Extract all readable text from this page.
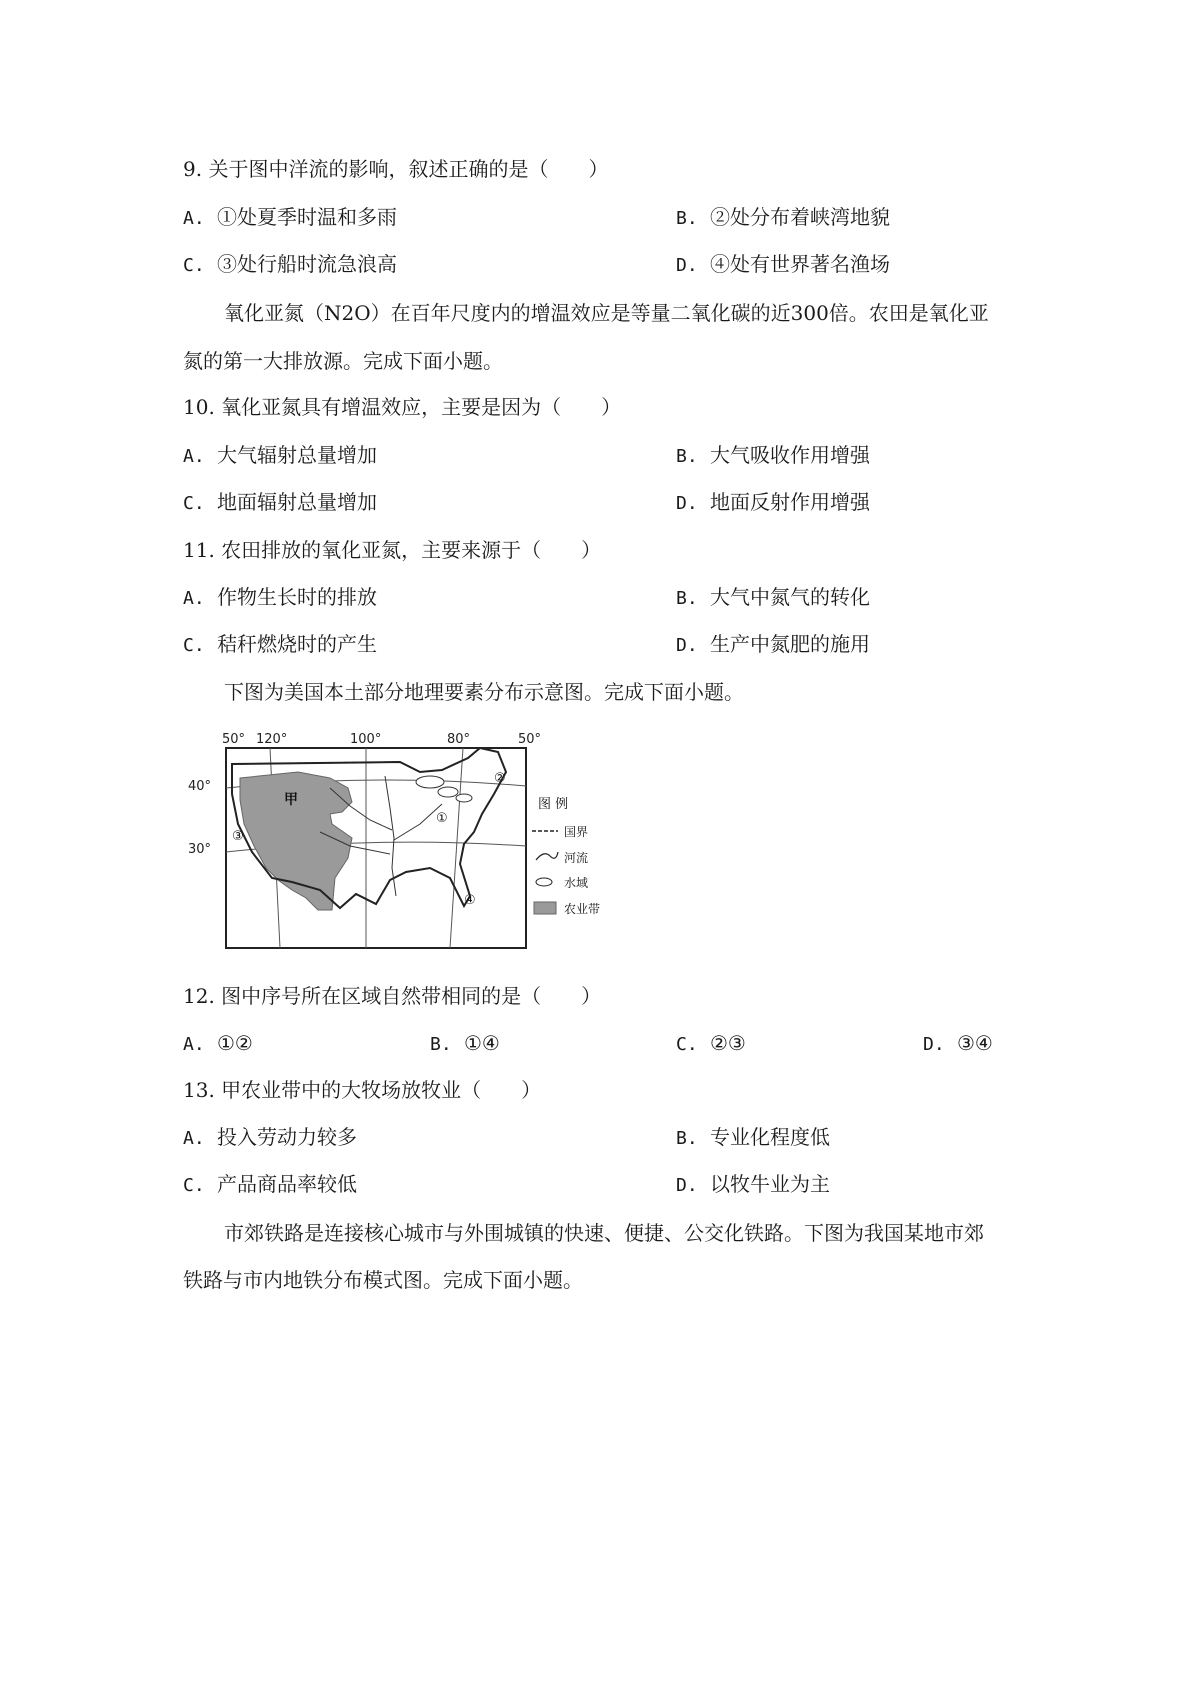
9. 关于图中洋流的影响，叙述正确的是（　　）
A. ①处夏季时温和多雨	B. ②处分布着峡湾地貌
C. ③处行船时流急浪高	D. ④处有世界著名渔场
氧化亚氮（N2O）在百年尺度内的增温效应是等量二氧化碳的近300倍。农田是氧化亚
氮的第一大排放源。完成下面小题。
10. 氧化亚氮具有增温效应，主要是因为（　　）
A. 大气辐射总量增加	B. 大气吸收作用增强
C. 地面辐射总量增加	D. 地面反射作用增强
11. 农田排放的氧化亚氮，主要来源于（　　）
A. 作物生长时的排放	B. 大气中氮气的转化
C. 秸秆燃烧时的产生	D. 生产中氮肥的施用
下图为美国本土部分地理要素分布示意图。完成下面小题。
50° 120°	100°	80°	50°
40°
30°
甲
①
②
③
④
图 例
国界
河流
水域
农业带
12. 图中序号所在区域自然带相同的是（　　）
A. ①②	B. ①④	C. ②③	D. ③④
13. 甲农业带中的大牧场放牧业（　　）
A. 投入劳动力较多	B. 专业化程度低
C. 产品商品率较低	D. 以牧牛业为主
市郊铁路是连接核心城市与外围城镇的快速、便捷、公交化铁路。下图为我国某地市郊
铁路与市内地铁分布模式图。完成下面小题。
